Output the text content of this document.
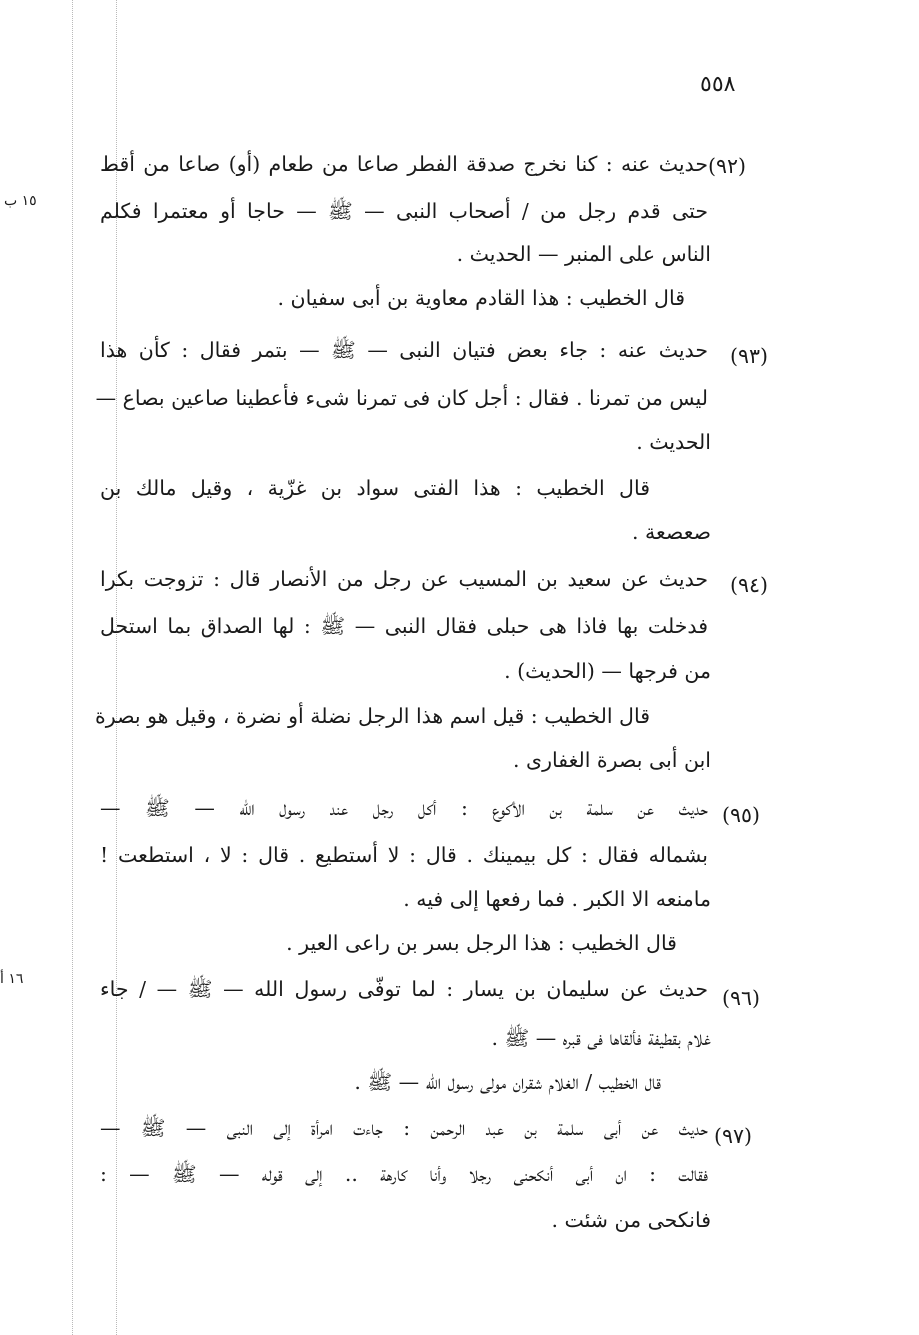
٥٥٨
١٥ ب
١٦ أ
(٩٢)
حديث عنه : كنا نخرج صدقة الفطر صاعا من طعام (أو) صاعا من أقط
حتى قدم رجل من / أصحاب النبى — ﷺ — حاجا أو معتمرا فكلم
الناس على المنبر — الحديث .
قال الخطيب : هذا القادم معاوية بن أبى سفيان .
(٩٣)
حديث عنه : جاء بعض فتيان النبى — ﷺ — بتمر فقال : كأن هذا
ليس من تمرنا . فقال : أجل كان فى تمرنا شىء فأعطينا صاعين بصاع —
الحديث .
قال الخطيب : هذا الفتى سواد بن غزّية ، وقيل مالك بن
صعصعة .
(٩٤)
حديث عن سعيد بن المسيب عن رجل من الأنصار قال : تزوجت بكرا
فدخلت بها فاذا هى حبلى فقال النبى — ﷺ : لها الصداق بما استحل
من فرجها — (الحديث) .
قال الخطيب : قيل اسم هذا الرجل نضلة أو نضرة ، وقيل هو بصرة
ابن أبى بصرة الغفارى .
(٩٥)
حديث عن سلمة بن الأكوع : أكل رجل عند رسول الله — ﷺ —
بشماله فقال : كل بيمينك . قال : لا أستطيع . قال : لا ، استطعت !
مامنعه الا الكبر . فما رفعها إلى فيه .
قال الخطيب : هذا الرجل بسر بن راعى العير .
(٩٦)
حديث عن سليمان بن يسار : لما توفّى رسول الله — ﷺ — / جاء
غلام بقطيفة فألقاها فى قبره — ﷺ .
قال الخطيب / الغلام شقران مولى رسول الله — ﷺ .
(٩٧)
حديث عن أبى سلمة بن عبد الرحمن : جاءت امرأة إلى النبى — ﷺ —
فقالت : ان أبى أنكحنى رجلا وأنا كارهة .. إلى قوله — ﷺ — :
فانكحى من شئت .
